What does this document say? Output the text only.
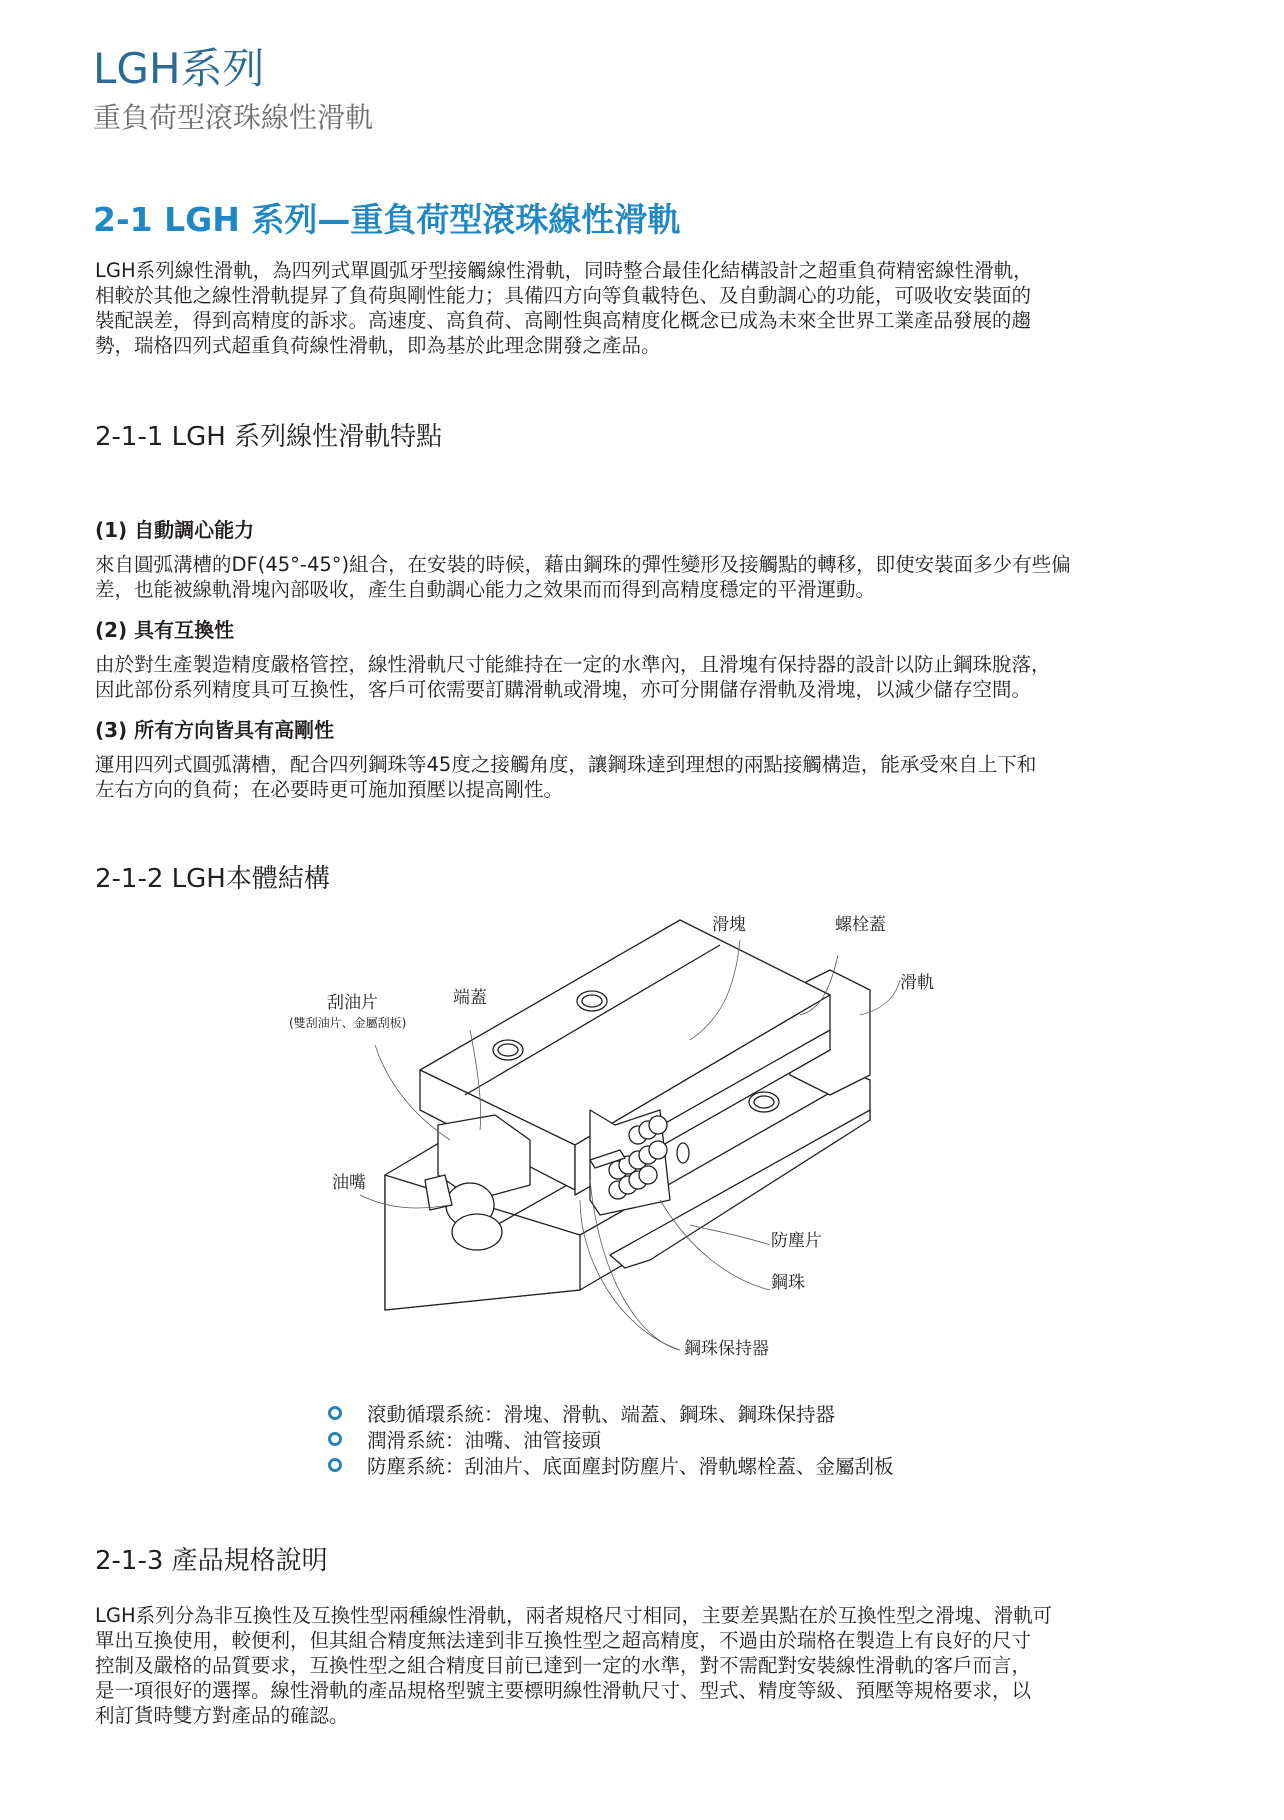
LGH系列
重負荷型滾珠線性滑軌
2-1 LGH 系列—重負荷型滾珠線性滑軌

LGH系列線性滑軌，為四列式單圓弧牙型接觸線性滑軌，同時整合最佳化結構設計之超重負荷精密線性滑軌，

相較於其他之線性滑軌提昇了負荷與剛性能力；具備四方向等負載特色、及自動調心的功能，可吸收安裝面的

裝配誤差，得到高精度的訴求。高速度、高負荷、高剛性與高精度化概念已成為未來全世界工業產品發展的趨

勢，瑞格四列式超重負荷線性滑軌，即為基於此理念開發之產品。

2-1-1 LGH 系列線性滑軌特點
(1) 自動調心能力

來自圓弧溝槽的DF(45°-45°)組合，在安裝的時候，藉由鋼珠的彈性變形及接觸點的轉移，即使安裝面多少有些偏

差，也能被線軌滑塊內部吸收，產生自動調心能力之效果而而得到高精度穩定的平滑運動。

(2) 具有互換性

由於對生產製造精度嚴格管控，線性滑軌尺寸能維持在一定的水準內，且滑塊有保持器的設計以防止鋼珠脫落，

因此部份系列精度具可互換性，客戶可依需要訂購滑軌或滑塊，亦可分開儲存滑軌及滑塊，以減少儲存空間。

(3) 所有方向皆具有高剛性

運用四列式圓弧溝槽，配合四列鋼珠等45度之接觸角度，讓鋼珠達到理想的兩點接觸構造，能承受來自上下和

左右方向的負荷；在必要時更可施加預壓以提高剛性。

2-1-2 LGH本體結構
滑塊	螺栓蓋
滑軌
刮油片
(雙刮油片、金屬刮板)
端蓋
油嘴
防塵片
鋼珠
鋼珠保持器
滾動循環系統：滑塊、滑軌、端蓋、鋼珠、鋼珠保持器
潤滑系統：油嘴、油管接頭
防塵系統：刮油片、底面塵封防塵片、滑軌螺栓蓋、金屬刮板
2-1-3 產品規格說明

LGH系列分為非互換性及互換性型兩種線性滑軌，兩者規格尺寸相同，主要差異點在於互換性型之滑塊、滑軌可

單出互換使用，較便利，但其組合精度無法達到非互換性型之超高精度，不過由於瑞格在製造上有良好的尺寸

控制及嚴格的品質要求，互換性型之組合精度目前已達到一定的水準，對不需配對安裝線性滑軌的客戶而言，

是一項很好的選擇。線性滑軌的產品規格型號主要標明線性滑軌尺寸、型式、精度等級、預壓等規格要求，以

利訂貨時雙方對產品的確認。
